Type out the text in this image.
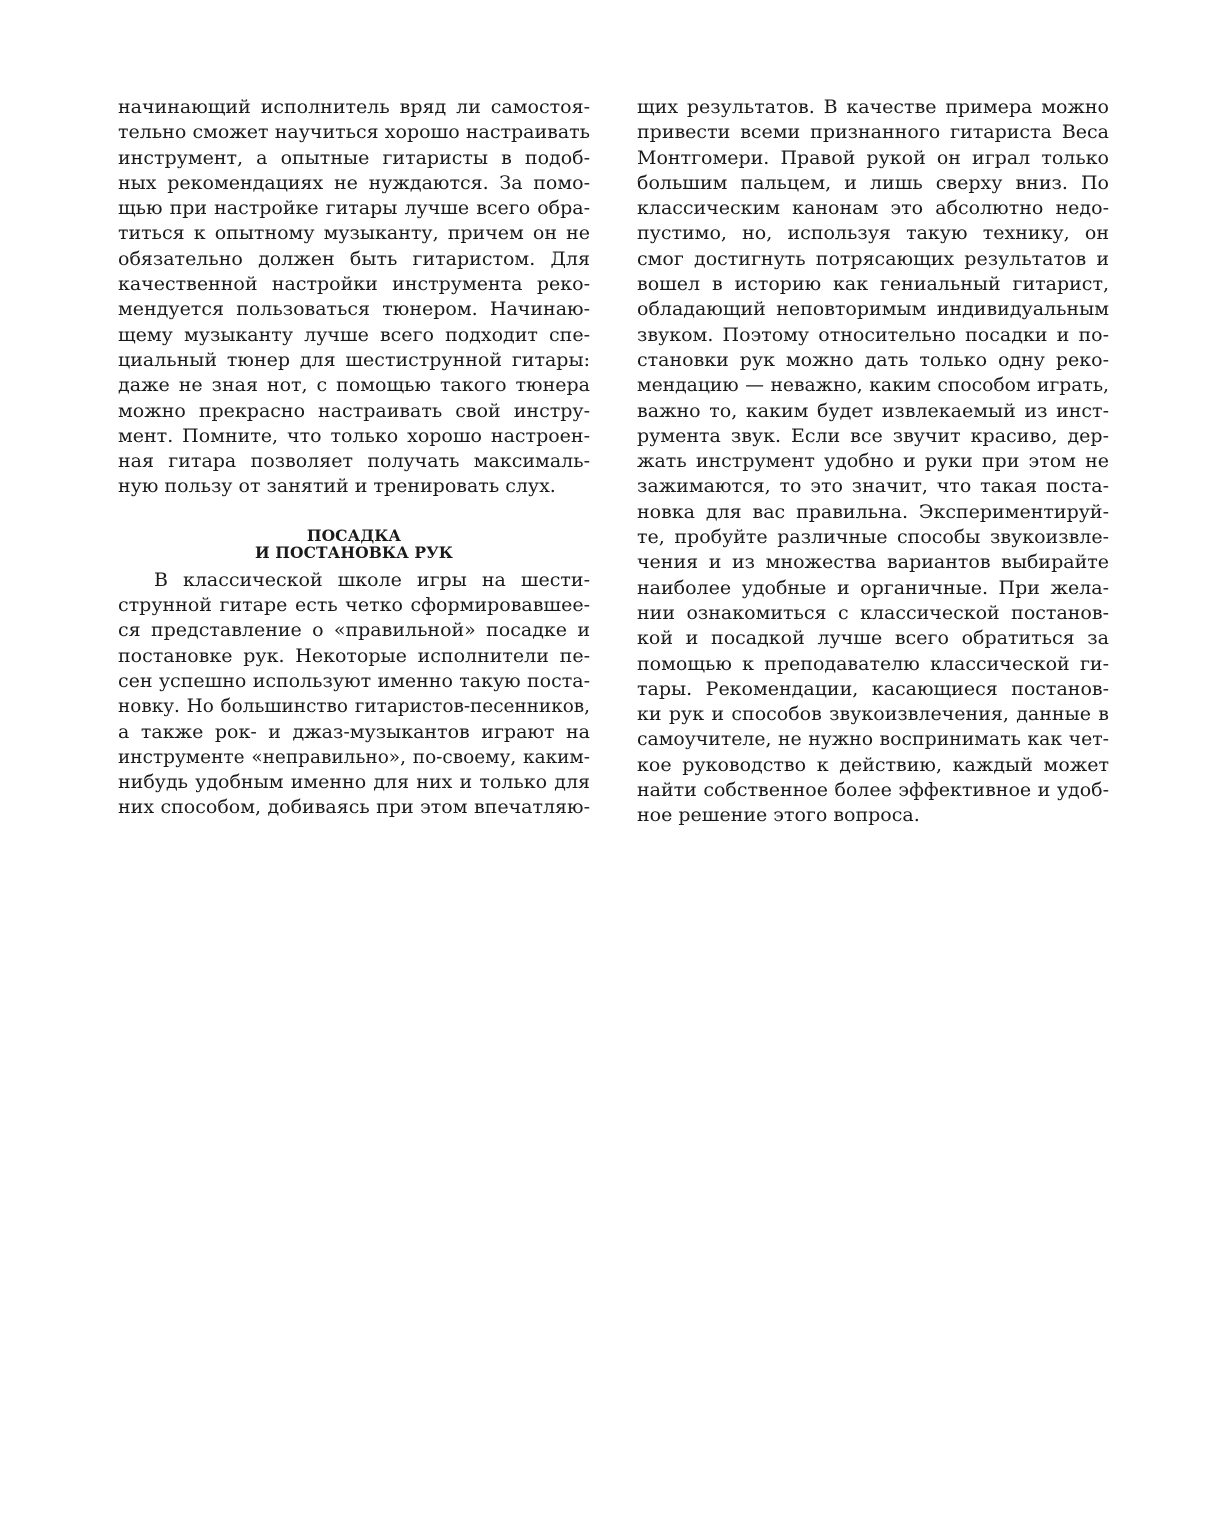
начинающий исполнитель вряд ли самостоя-
тельно сможет научиться хорошо настраивать
инструмент, а опытные гитаристы в подоб-
ных рекомендациях не нуждаются. За помо-
щью при настройке гитары лучше всего обра-
титься к опытному музыканту, причем он не
обязательно должен быть гитаристом. Для
качественной настройки инструмента реко-
мендуется пользоваться тюнером. Начинаю-
щему музыканту лучше всего подходит спе-
циальный тюнер для шестиструнной гитары:
даже не зная нот, с помощью такого тюнера
можно прекрасно настраивать свой инстру-
мент. Помните, что только хорошо настроен-
ная гитара позволяет получать максималь-
ную пользу от занятий и тренировать слух.
ПОСАДКА
И ПОСТАНОВКА РУК
В классической школе игры на шести-
струнной гитаре есть четко сформировавшее-
ся представление о «правильной» посадке и
постановке рук. Некоторые исполнители пе-
сен успешно используют именно такую поста-
новку. Но большинство гитаристов-песенников,
а также рок- и джаз-музыкантов играют на
инструменте «неправильно», по-своему, каким-
нибудь удобным именно для них и только для
них способом, добиваясь при этом впечатляю-
щих результатов. В качестве примера можно
привести всеми признанного гитариста Веса
Монтгомери. Правой рукой он играл только
большим пальцем, и лишь сверху вниз. По
классическим канонам это абсолютно недо-
пустимо, но, используя такую технику, он
смог достигнуть потрясающих результатов и
вошел в историю как гениальный гитарист,
обладающий неповторимым индивидуальным
звуком. Поэтому относительно посадки и по-
становки рук можно дать только одну реко-
мендацию — неважно, каким способом играть,
важно то, каким будет извлекаемый из инст-
румента звук. Если все звучит красиво, дер-
жать инструмент удобно и руки при этом не
зажимаются, то это значит, что такая поста-
новка для вас правильна. Экспериментируй-
те, пробуйте различные способы звукоизвле-
чения и из множества вариантов выбирайте
наиболее удобные и органичные. При жела-
нии ознакомиться с классической постанов-
кой и посадкой лучше всего обратиться за
помощью к преподавателю классической ги-
тары. Рекомендации, касающиеся постанов-
ки рук и способов звукоизвлечения, данные в
самоучителе, не нужно воспринимать как чет-
кое руководство к действию, каждый может
найти собственное более эффективное и удоб-
ное решение этого вопроса.
